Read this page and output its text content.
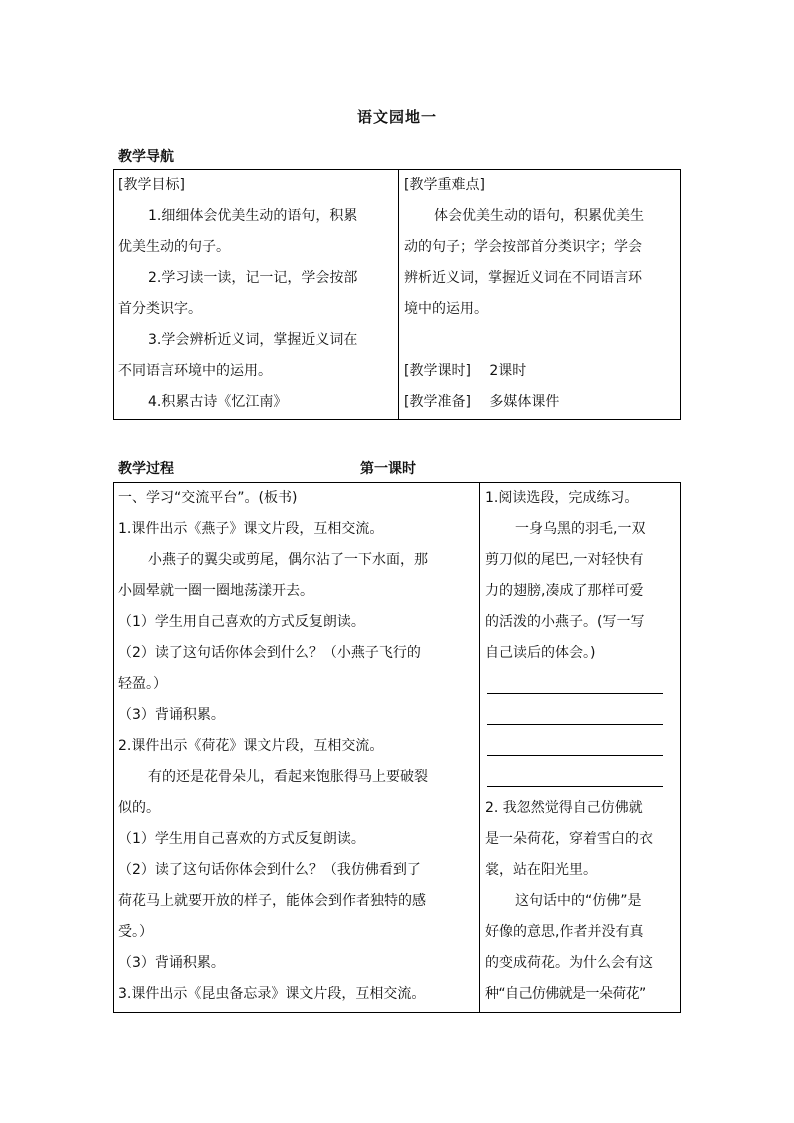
语文园地一
教学导航
[教学目标]
1.细细体会优美生动的语句，积累
优美生动的句子。
2.学习读一读，记一记，学会按部
首分类识字。
3.学会辨析近义词，掌握近义词在
不同语言环境中的运用。
4.积累古诗《忆江南》
[教学重难点]
体会优美生动的语句，积累优美生
动的句子；学会按部首分类识字；学会
辨析近义词，掌握近义词在不同语言环
境中的运用。
[教学课时] 2课时
[教学准备] 多媒体课件
教学过程	第一课时
一、学习“交流平台”。(板书)
1.课件出示《燕子》课文片段，互相交流。
小燕子的翼尖或剪尾，偶尔沾了一下水面，那
小圆晕就一圈一圈地荡漾开去。
（1）学生用自己喜欢的方式反复朗读。
（2）读了这句话你体会到什么？（小燕子飞行的
轻盈。）
（3）背诵积累。
2.课件出示《荷花》课文片段，互相交流。
有的还是花骨朵儿，看起来饱胀得马上要破裂
似的。
（1）学生用自己喜欢的方式反复朗读。
（2）读了这句话你体会到什么？（我仿佛看到了
荷花马上就要开放的样子，能体会到作者独特的感
受。）
（3）背诵积累。
3.课件出示《昆虫备忘录》课文片段，互相交流。
1.阅读选段，完成练习。
一身乌黑的羽毛,一双
剪刀似的尾巴,一对轻快有
力的翅膀,凑成了那样可爱
的活泼的小燕子。(写一写
自己读后的体会。)
2. 我忽然觉得自己仿佛就
是一朵荷花，穿着雪白的衣
裳，站在阳光里。
这句话中的“仿佛”是
好像的意思,作者并没有真
的变成荷花。为什么会有这
种“自己仿佛就是一朵荷花”
